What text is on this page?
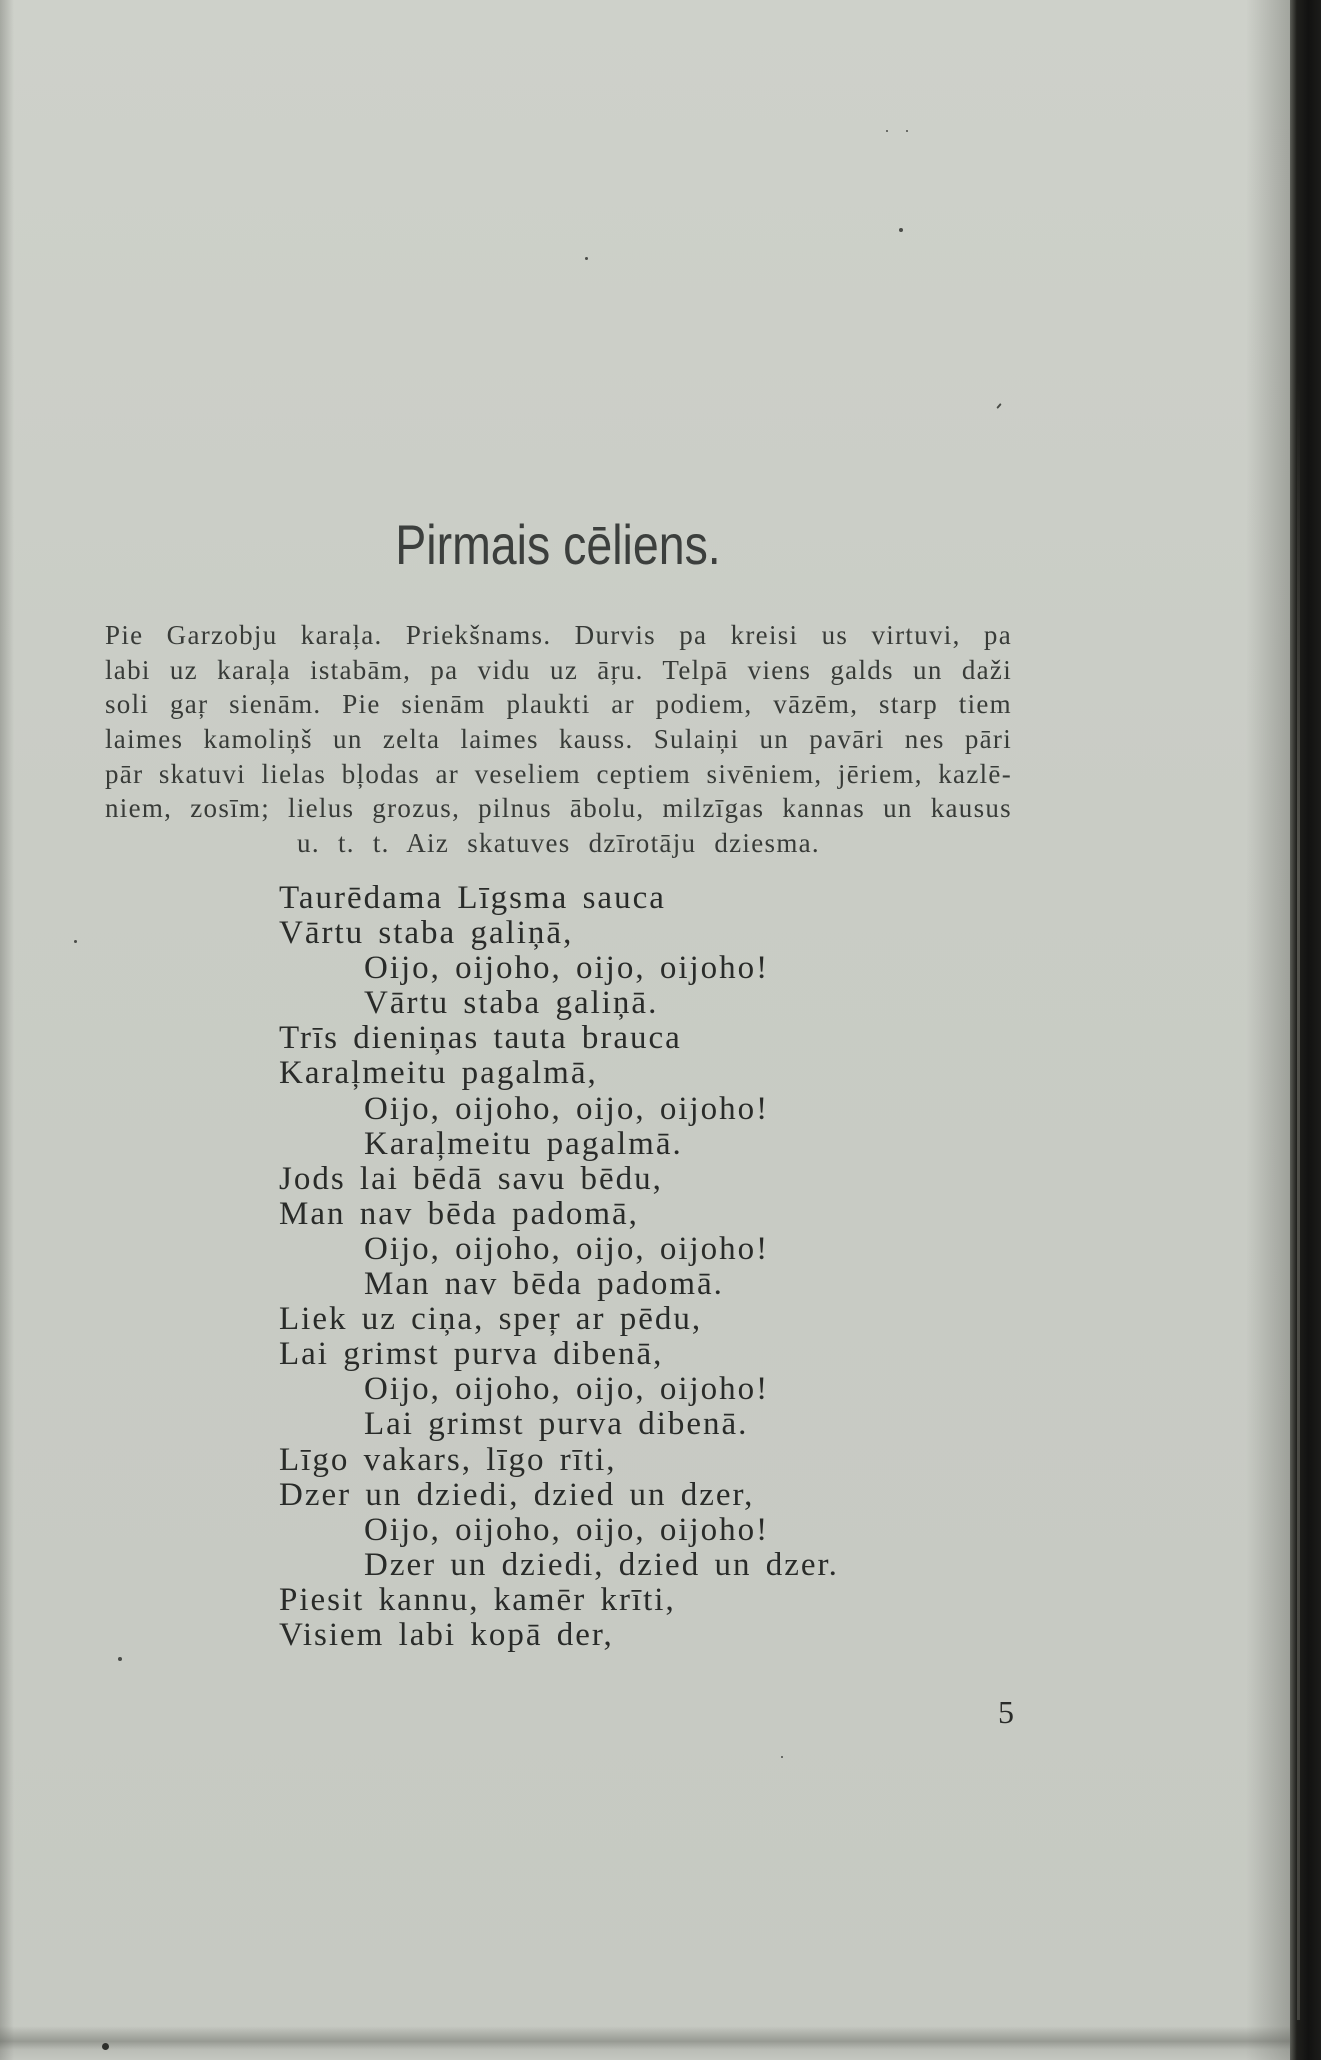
Pirmais cēliens.
Pie Garzobju karaļa. Priekšnams. Durvis pa kreisi us virtuvi, pa
labi uz karaļa istabām, pa vidu uz āŗu. Telpā viens galds un daži
soli gaŗ sienām. Pie sienām plaukti ar podiem, vāzēm, starp tiem
laimes kamoliņš un zelta laimes kauss. Sulaiņi un pavāri nes pāri
pār skatuvi lielas bļodas ar veseliem ceptiem sivēniem, jēriem, kazlē-
niem, zosīm; lielus grozus, pilnus ābolu, milzīgas kannas un kausus
u. t. t. Aiz skatuves dzīrotāju dziesma.
Taurēdama Līgsma sauca
Vārtu staba galiņā,
Oijo, oijoho, oijo, oijoho!
Vārtu staba galiņā.
Trīs dieniņas tauta brauca
Karaļmeitu pagalmā,
Oijo, oijoho, oijo, oijoho!
Karaļmeitu pagalmā.
Jods lai bēdā savu bēdu,
Man nav bēda padomā,
Oijo, oijoho, oijo, oijoho!
Man nav bēda padomā.
Liek uz ciņa, speŗ ar pēdu,
Lai grimst purva dibenā,
Oijo, oijoho, oijo, oijoho!
Lai grimst purva dibenā.
Līgo vakars, līgo rīti,
Dzer un dziedi, dzied un dzer,
Oijo, oijoho, oijo, oijoho!
Dzer un dziedi, dzied un dzer.
Piesit kannu, kamēr krīti,
Visiem labi kopā der,
5
